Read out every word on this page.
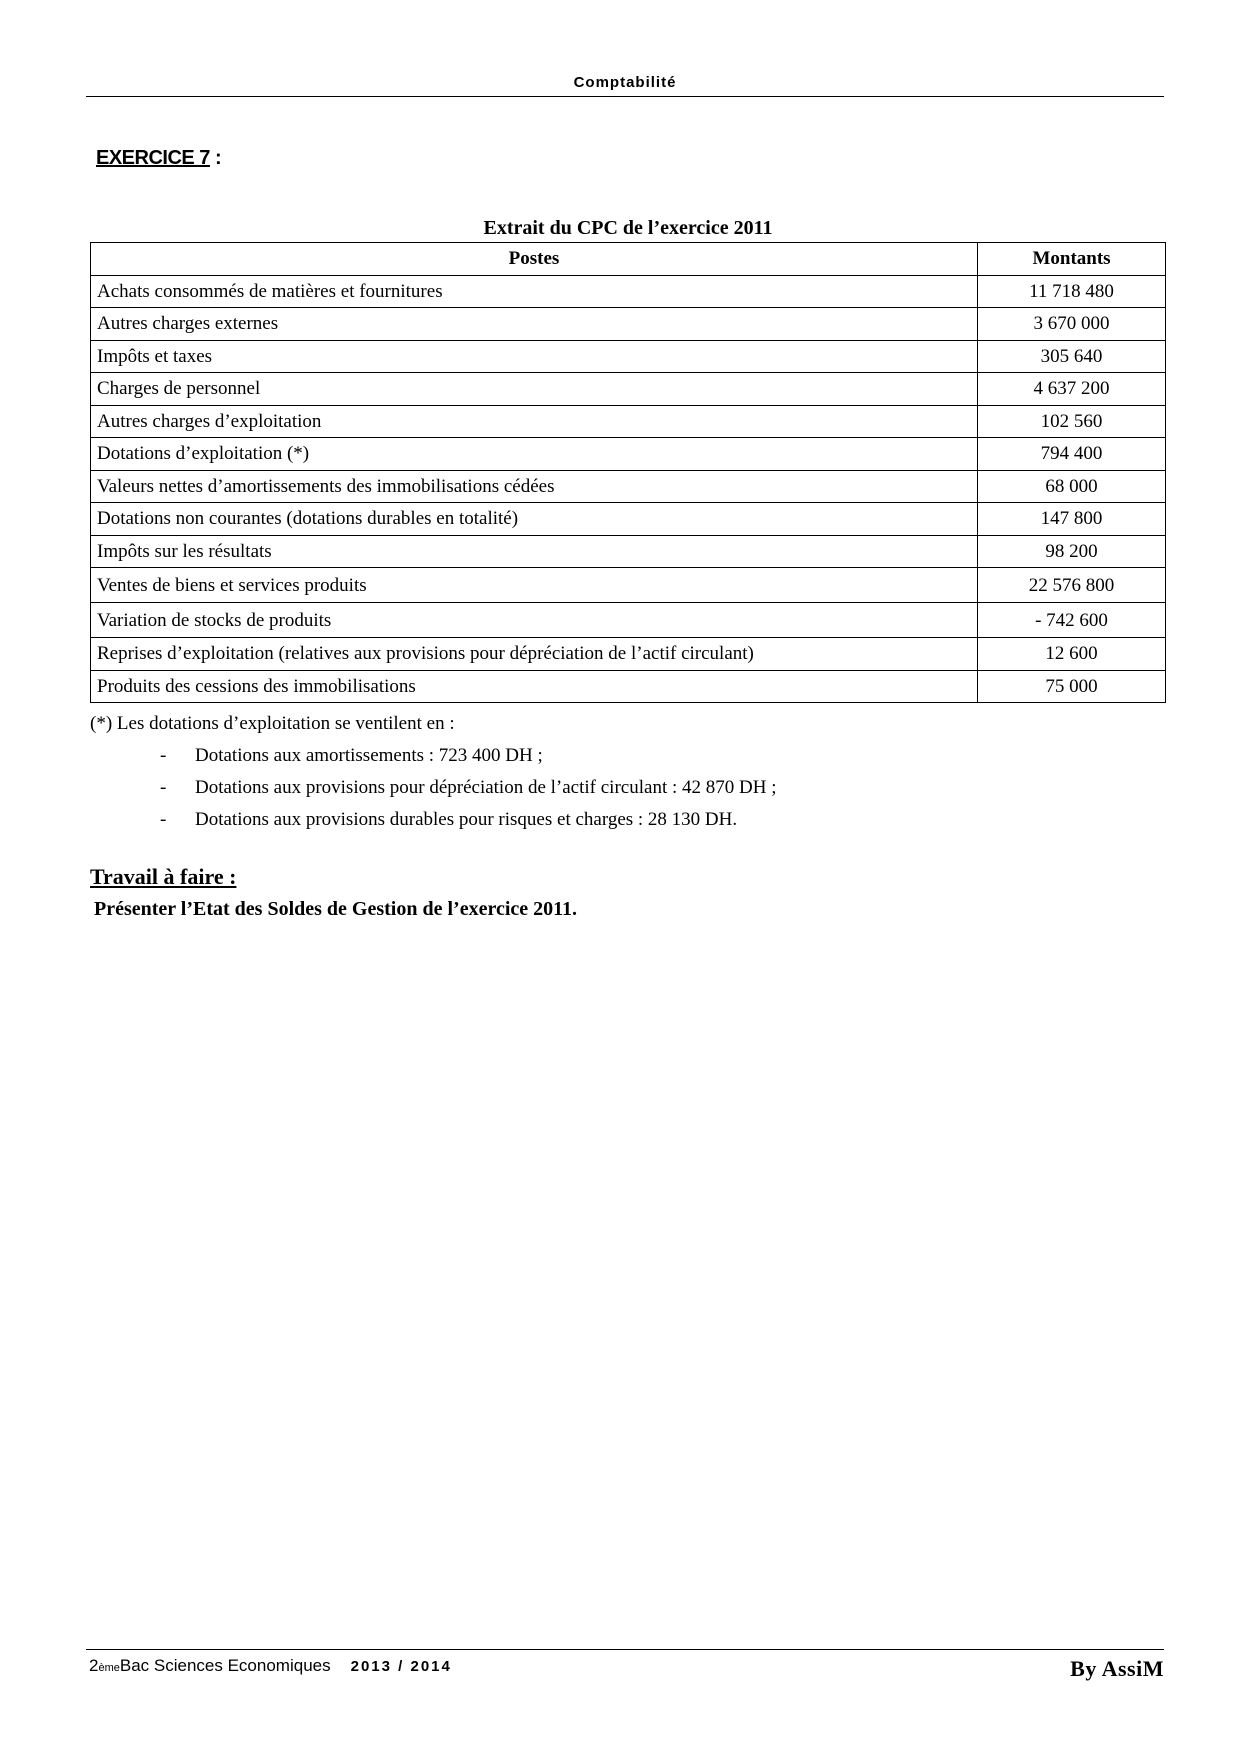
Comptabilité
EXERCICE 7 :
Extrait du CPC de l’exercice 2011
Postes	Montants
Achats consommés de matières et fournitures	11 718 480
Autres charges externes	3 670 000
Impôts et taxes	305 640
Charges de personnel	4 637 200
Autres charges d’exploitation	102 560
Dotations d’exploitation (*)	794 400
Valeurs nettes d’amortissements des immobilisations cédées	68 000
Dotations non courantes (dotations durables en totalité)	147 800
Impôts sur les résultats	98 200
Ventes de biens et services produits	22 576 800
Variation de stocks de produits	- 742 600
Reprises d’exploitation (relatives aux provisions pour dépréciation de l’actif circulant)	12 600
Produits des cessions des immobilisations	75 000
(*) Les dotations d’exploitation se ventilent en :
-	Dotations aux amortissements : 723 400 DH ;
-	Dotations aux provisions pour dépréciation de l’actif circulant : 42 870 DH ;
-	Dotations aux provisions durables pour risques et charges : 28 130 DH.
Travail à faire :
Présenter l’Etat des Soldes de Gestion de l’exercice 2011.
2 ème Bac Sciences Economiques 2013 / 2014	By AssiM
